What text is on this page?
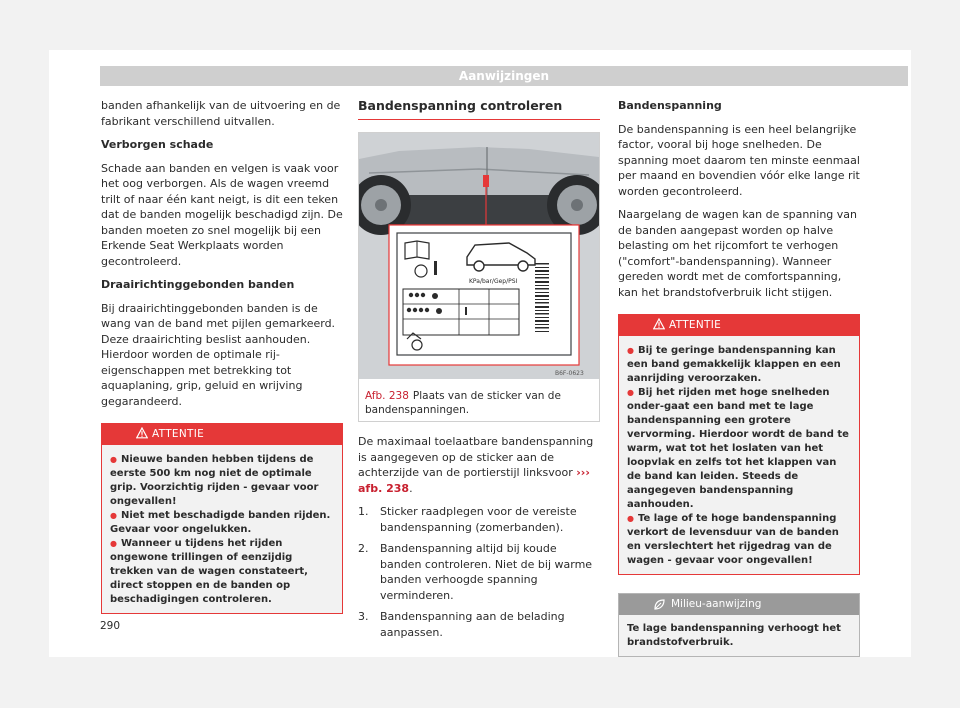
Aanwijzingen

banden afhankelijk van de uitvoering en de fabrikant verschillend uitvallen.

Verborgen schade

Schade aan banden en velgen is vaak voor het oog verborgen. Als de wagen vreemd trilt of naar één kant neigt, is dit een teken dat de banden mogelijk beschadigd zijn. De banden moeten zo snel mogelijk bij een Erkende Seat Werkplaats worden gecontroleerd.

Draairichtinggebonden banden

Bij draairichtinggebonden banden is de wang van de band met pijlen gemarkeerd. Deze draairichting beslist aanhouden. Hierdoor worden de optimale rij-eigenschappen met betrekking tot aquaplaning, grip, geluid en wrijving gegarandeerd.

ATTENTIE

● Nieuwe banden hebben tijdens de eerste 500 km nog niet de optimale grip. Voorzichtig rijden - gevaar voor ongevallen!

● Niet met beschadigde banden rijden. Gevaar voor ongelukken.

● Wanneer u tijdens het rijden ongewone trillingen of eenzijdig trekken van de wagen constateert, direct stoppen en de banden op beschadigingen controleren.

Bandenspanning controleren
KPa/bar/Gep/PSI
B6F-0623
Afb. 238 Plaats van de sticker van de bandenspanningen.

De maximaal toelaatbare bandenspanning is aangegeven op de sticker aan de achterzijde van de portierstijl linksvoor ››› afb. 238.

1. Sticker raadplegen voor de vereiste bandenspanning (zomerbanden).
2. Bandenspanning altijd bij koude banden controleren. Niet de bij warme banden verhoogde spanning verminderen.
3. Bandenspanning aan de belading aanpassen.

Bandenspanning

De bandenspanning is een heel belangrijke factor, vooral bij hoge snelheden. De spanning moet daarom ten minste eenmaal per maand en bovendien vóór elke lange rit worden gecontroleerd.

Naargelang de wagen kan de spanning van de banden aangepast worden op halve belasting om het rijcomfort te verhogen ("comfort"-bandenspanning). Wanneer gereden wordt met de comfortspanning, kan het brandstofverbruik licht stijgen.

ATTENTIE

● Bij te geringe bandenspanning kan een band gemakkelijk klappen en een aanrijding veroorzaken.

● Bij het rijden met hoge snelheden onder-gaat een band met te lage bandenspanning een grotere vervorming. Hierdoor wordt de band te warm, wat tot het loslaten van het loopvlak en zelfs tot het klappen van de band kan leiden. Steeds de aangegeven bandenspanning aanhouden.

● Te lage of te hoge bandenspanning verkort de levensduur van de banden en verslechtert het rijgedrag van de wagen - gevaar voor ongevallen!

Milieu-aanwijzing
Te lage bandenspanning verhoogt het brandstofverbruik.
290
